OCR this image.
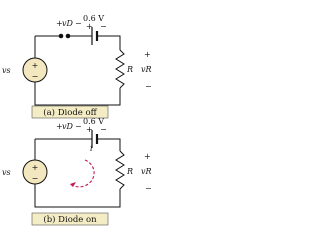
+
−
vs
+ vD −
0.6 V
+ −
R vR
+
−
(a) Diode off
+
−
vs
i
+ vD −
0.6 V
+ −
R vR
+
−
(b) Diode on
